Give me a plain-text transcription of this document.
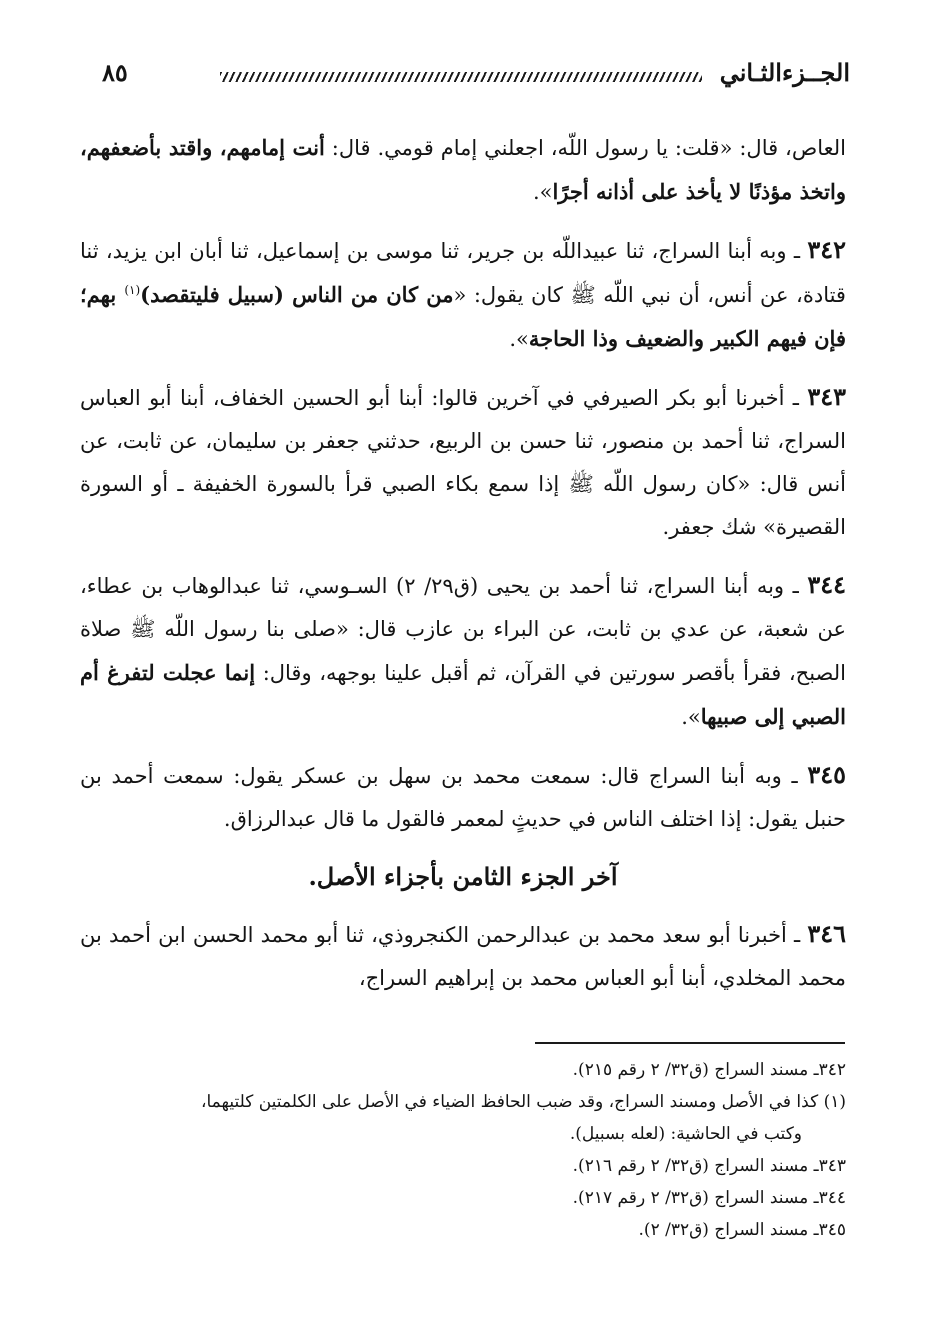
الجــزءالثـاني
٨٥

العاص، قال: «قلت: يا رسول اللّه، اجعلني إمام قومي. قال: أنت إمامهم، واقتد بأضعفهم، واتخذ مؤذنًا لا يأخذ على أذانه أجرًا».

٣٤٢ ـ وبه أبنا السراج، ثنا عبيداللّه بن جرير، ثنا موسى بن إسماعيل، ثنا أبان ابن يزيد، ثنا قتادة، عن أنس، أن نبي اللّه ﷺ كان يقول: «من كان من الناس (سبيل فليتقصد)$^{(١)}$ بهم؛ فإن فيهم الكبير والضعيف وذا الحاجة».

٣٤٣ ـ أخبرنا أبو بكر الصيرفي في آخرين قالوا: أبنا أبو الحسين الخفاف، أبنا أبو العباس السراج، ثنا أحمد بن منصور، ثنا حسن بن الربيع، حدثني جعفر بن سليمان، عن ثابت، عن أنس قال: «كان رسول اللّه ﷺ إذا سمع بكاء الصبي قرأ بالسورة الخفيفة ـ أو السورة القصيرة» شك جعفر.

٣٤٤ ـ وبه أبنا السراج، ثنا أحمد بن يحيى (ق٢٩/ ٢) السـوسي، ثنا عبدالوهاب بن عطاء، عن شعبة، عن عدي بن ثابت، عن البراء بن عازب قال: «صلى بنا رسول اللّه ﷺ صلاة الصبح، فقرأ بأقصر سورتين في القرآن، ثم أقبل علينا بوجهه، وقال: إنما عجلت لتفرغ أم الصبي إلى صبيها».

٣٤٥ ـ وبه أبنا السراج قال: سمعت محمد بن سهل بن عسكر يقول: سمعت أحمد بن حنبل يقول: إذا اختلف الناس في حديثٍ لمعمر فالقول ما قال عبدالرزاق.

آخر الجزء الثامن بأجزاء الأصل.

٣٤٦ ـ أخبرنا أبو سعد محمد بن عبدالرحمن الكنجروذي، ثنا أبو محمد الحسن ابن أحمد بن محمد المخلدي، أبنا أبو العباس محمد بن إبراهيم السراج،

٣٤٢ـ مسند السراج (ق٣٢/ ٢ رقم ٢١٥).

(١) كذا في الأصل ومسند السراج، وقد ضبب الحافظ الضياء في الأصل على الكلمتين كلتيهما،

وكتب في الحاشية: (لعله بسبيل).

٣٤٣ـ مسند السراج (ق٣٢/ ٢ رقم ٢١٦).

٣٤٤ـ مسند السراج (ق٣٢/ ٢ رقم ٢١٧).

٣٤٥ـ مسند السراج (ق٣٢/ ٢).
